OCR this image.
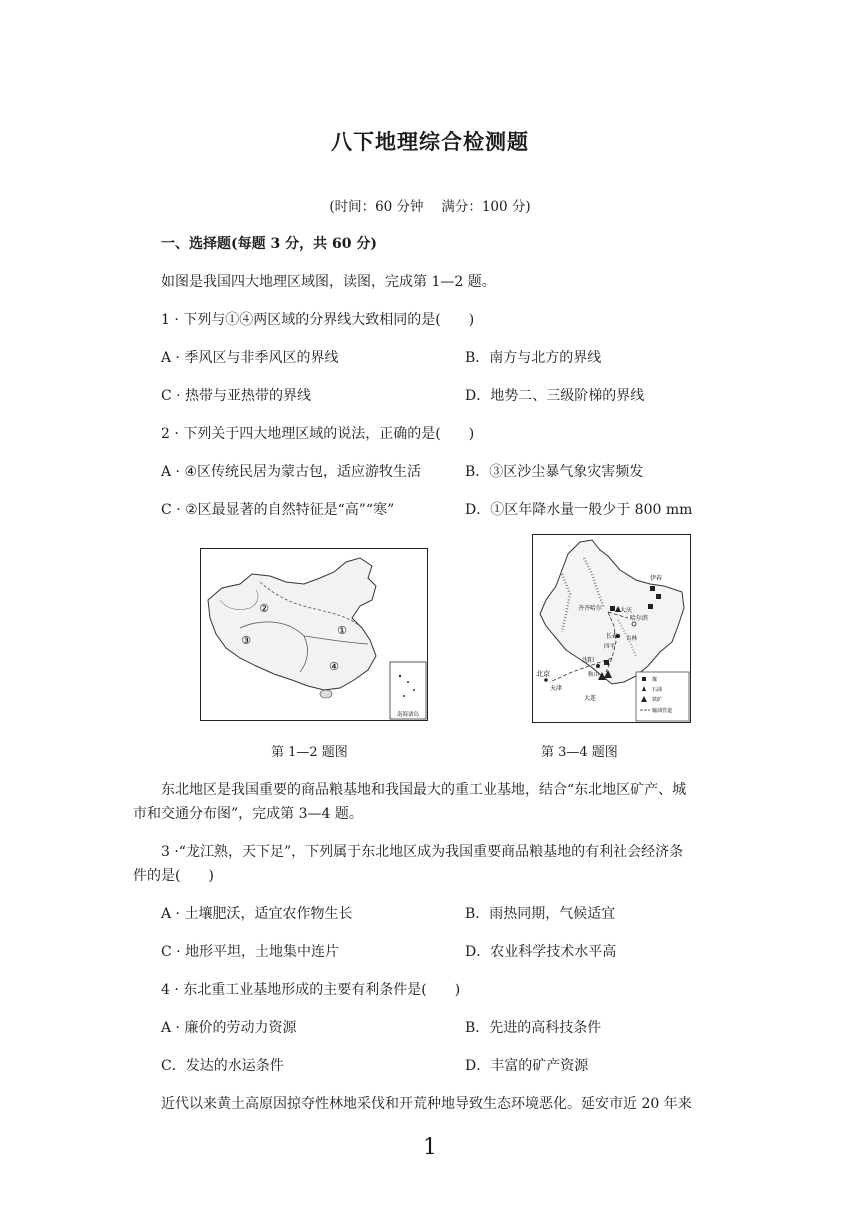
八下地理综合检测题
(时间：60 分钟　 满分：100 分)
一、选择题(每题 3 分，共 60 分)
如图是我国四大地理区域图，读图，完成第 1—2 题。
1 · 下列与①④两区域的分界线大致相同的是(　　)
A · 季风区与非季风区的界线	B．南方与北方的界线
C · 热带与亚热带的界线	D．地势二、三级阶梯的界线
2 · 下列关于四大地理区域的说法，正确的是(　　)
A · ④区传统民居为蒙古包，适应游牧生活	B．③区沙尘暴气象灾害频发
C · ②区最显著的自然特征是“高”“寒”	D．①区年降水量一般少于 800 mm
②
①
③
④
南海诸岛
伊春
齐齐哈尔	大庆
哈尔滨
长春
四平
吉林
沈阳
鞍山
北京
天津
大连
煤
石油
铁矿
输油管道
第 1—2 题图	第 3—4 题图
东北地区是我国重要的商品粮基地和我国最大的重工业基地，结合“东北地区矿产、城
市和交通分布图”，完成第 3—4 题。
3 ·“龙江熟，天下足”，下列属于东北地区成为我国重要商品粮基地的有利社会经济条
件的是(　　)
A · 土壤肥沃，适宜农作物生长	B．雨热同期，气候适宜
C · 地形平坦，土地集中连片	D．农业科学技术水平高
4 · 东北重工业基地形成的主要有利条件是(　　)
A · 廉价的劳动力资源	B．先进的高科技条件
C．发达的水运条件	D．丰富的矿产资源
近代以来黄土高原因掠夺性林地采伐和开荒种地导致生态环境恶化。延安市近 20 年来
1
